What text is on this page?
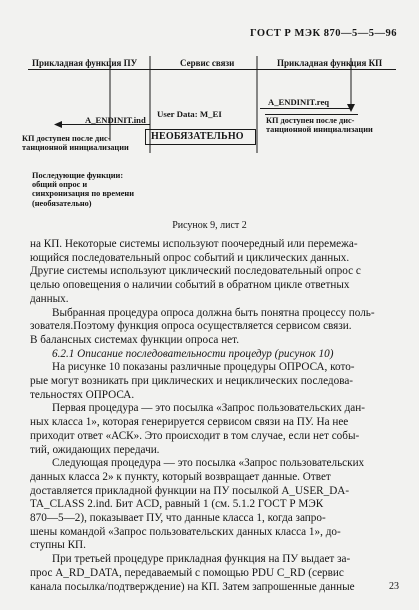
ГОСТ Р МЭК 870—5—5—96
Прикладная функция ПУ	Сервис связи	Прикладная функция КП
A_ENDINIT.req
A_ENDINIT.ind
User Data: M_EI
КП доступен после дис-
танционной инициализации
КП доступен после дис-
танционной инициализации
НЕОБЯЗАТЕЛЬНО
Последующие функции:
общий опрос и
синхронизация по времени
(необязательно)
Рисунок 9, лист 2
на КП. Некоторые системы используют поочередный или перемежа-
ющийся последовательный опрос событий и циклических данных.
Другие системы используют циклический последовательный опрос с
целью оповещения о наличии событий в обратном цикле ответных
данных.
Выбранная процедура опроса должна быть понятна процессу поль-
зователя.Поэтому функция опроса осуществляется сервисом связи.
В балансных системах функции опроса нет.
6.2.1 Описание последовательности процедур (рисунок 10)
На рисунке 10 показаны различные процедуры ОПРОСА, кото-
рые могут возникать при циклических и нециклических последова-
тельностях ОПРОСА.
Первая процедура — это посылка «Запрос пользовательских дан-
ных класса 1», которая генерируется сервисом связи на ПУ. На нее
приходит ответ «АСК». Это происходит в том случае, если нет собы-
тий, ожидающих передачи.
Следующая процедура — это посылка «Запрос пользовательских
данных класса 2» к пункту, который возвращает данные. Ответ
доставляется прикладной функции на ПУ посылкой A_USER_DA-
TA_CLASS 2.ind. Бит ACD, равный 1 (см. 5.1.2 ГОСТ Р МЭК
870—5—2), показывает ПУ, что данные класса 1, когда запро-
шены командой «Запрос пользовательских данных класса 1», до-
ступны КП.
При третьей процедуре прикладная функция на ПУ выдает за-
прос A_RD_DATA, передаваемый с помощью PDU C_RD (сервис
канала посылка/подтверждение) на КП. Затем запрошенные данные	23
